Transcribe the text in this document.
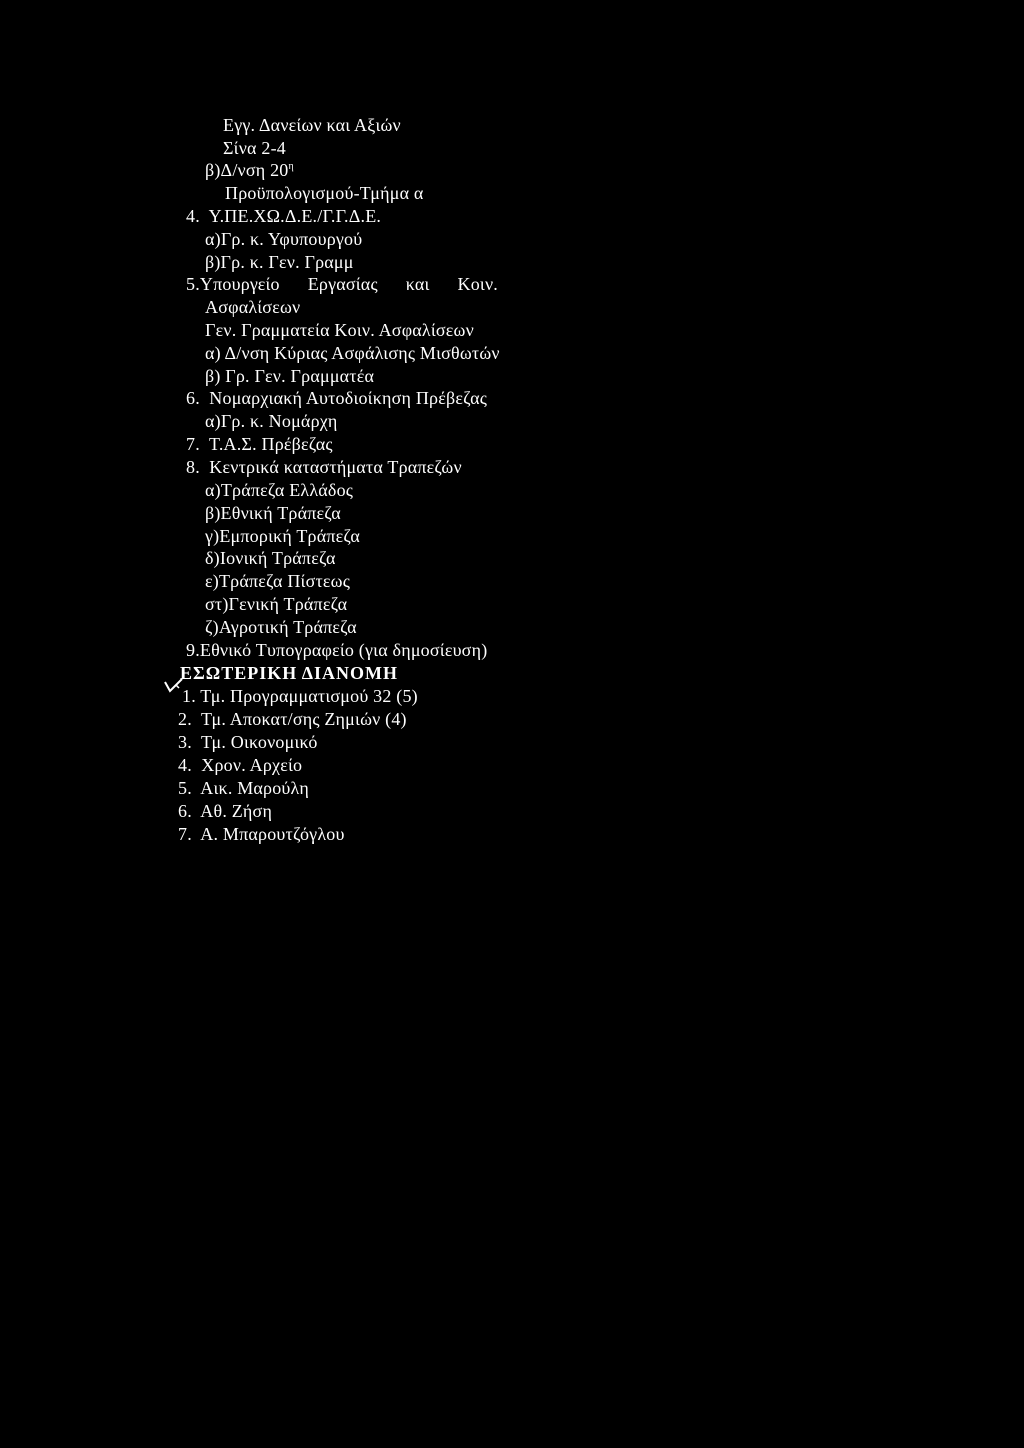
Εγγ. Δανείων και Αξιών
Σίνα 2-4
β)Δ/νση $20^\eta$
Προϋπολογισμού-Τμήμα α
4.  Υ.ΠΕ.ΧΩ.Δ.Ε./Γ.Γ.Δ.Ε.
α)Γρ. κ. Υφυπουργού
β)Γρ. κ. Γεν. Γραμμ
5.Υπουργείο Εργασίας και Κοιν.
Ασφαλίσεων
Γεν. Γραμματεία Κοιν. Ασφαλίσεων
α) Δ/νση Κύριας Ασφάλισης Μισθωτών
β) Γρ. Γεν. Γραμματέα
6.  Νομαρχιακή Αυτοδιοίκηση Πρέβεζας
α)Γρ. κ. Νομάρχη
7.  Τ.Α.Σ. Πρέβεζας
8.  Κεντρικά καταστήματα Τραπεζών
α)Τράπεζα Ελλάδος
β)Εθνική Τράπεζα
γ)Εμπορική Τράπεζα
δ)Ιονική Τράπεζα
ε)Τράπεζα Πίστεως
στ)Γενική Τράπεζα
ζ)Αγροτική Τράπεζα
9.Εθνικό Τυπογραφείο (για δημοσίευση)
ΕΣΩΤΕΡΙΚΗ ΔΙΑΝΟΜΗ
1. Τμ. Προγραμματισμού 32 (5)
2.  Τμ. Αποκατ/σης Ζημιών (4)
3.  Τμ. Οικονομικό
4.  Χρον. Αρχείο
5.  Αικ. Μαρούλη
6.  Αθ. Ζήση
7.  Α. Μπαρουτζόγλου
